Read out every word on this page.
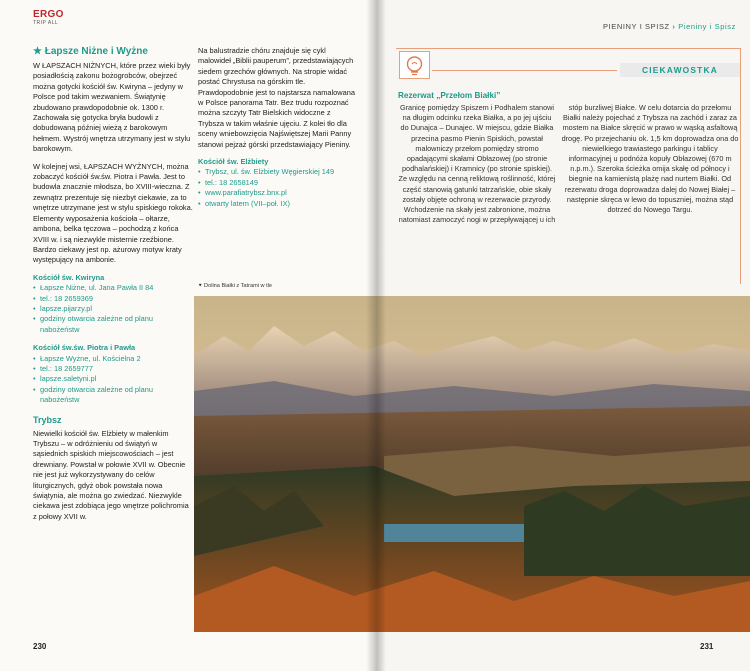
ERGO
TRIP ALL
★ Łapsze Niżne i Wyżne

W ŁAPSZACH NIŻNYCH, które przez wieki były posiadłością zakonu bożogrobców, obejrzeć można gotycki kościół św. Kwiryna – jedyny w Polsce pod takim wezwaniem. Świątynię zbudowano prawdopodobnie ok. 1300 r. Zachowała się gotycka bryła budowli z dobudowaną później wieżą z barokowym hełmem. Wystrój wnętrza utrzymany jest w stylu barokowym.

W kolejnej wsi, ŁAPSZACH WYŻNYCH, można zobaczyć kościół św.św. Piotra i Pawła. Jest to budowla znacznie młodsza, bo XVIII-wieczna. Z zewnątrz prezentuje się niezbyt ciekawie, za to wnętrze utrzymane jest w stylu spiskiego rokoka. Elementy wyposażenia kościoła – ołtarze, ambona, belka tęczowa – pochodzą z końca XVIII w. i są niezwykle misternie rzeźbione. Bardzo ciekawy jest np. ażurowy motyw kraty występujący na ambonie.

Kościół św. Kwiryna
• Łapsze Niżne, ul. Jana Pawła II 84
• tel.: 18 2659369
• lapsze.pijarzy.pl
• godziny otwarcia zależne od planu nabożeństw
Kościół św.św. Piotra i Pawła
• Łapsze Wyżne, ul. Kościelna 2
• tel.: 18 2659777
• lapsze.saletyni.pl
• godziny otwarcia zależne od planu nabożeństw
Trybsz

Niewielki kościół św. Elżbiety w małenkim Trybszu – w odróżnieniu od świątyń w sąsiednich spiskich miejscowościach – jest drewniany. Powstał w połowie XVII w. Obecnie nie jest już wykorzystywany do celów liturgicznych, gdyż obok powstała nowa świątynia, ale można go zwiedzać. Niezwykle ciekawa jest zdobiąca jego wnętrze polichromia z połowy XVII w.

Na balustradzie chóru znajduje się cykl malowideł „Biblii pauperum”, przedstawiających siedem grzechów głównych. Na stropie widać postać Chrystusa na górskim tle. Prawdopodobnie jest to najstarsza namalowana w Polsce panorama Tatr. Bez trudu rozpoznać można szczyty Tatr Bielskich widoczne z Trybsza w takim właśnie ujęciu. Z kolei tło dla sceny wniebowzięcia Najświętszej Marii Panny stanowi pejzaż górski przedstawiający Pieniny.

Kościół św. Elżbiety
• Trybsz, ul. św. Elżbiety Węgierskiej 149
• tel.: 18 2658149
• www.parafiatrybsz.bnx.pl
• otwarty latem (VII–poł. IX)
⯆ Dolina Białki z Tatrami w tle
PIENINY I SPISZ › Pieniny i Spisz
CIEKAWOSTKA
Rezerwat „Przełom Białki”
Granicę pomiędzy Spiszem i Podhalem stanowi na długim odcinku rzeka Białka, a po jej ujściu do Dunajca – Dunajec. W miejscu, gdzie Białka przecina pasmo Pienin Spiskich, powstał malowniczy przełom pomiędzy stromo opadającymi skałami Obłazowej (po stronie podhalańskiej) i Kramnicy (po stronie spiskiej). Ze względu na cenną reliktową roślinność, której część stanowią gatunki tatrzańskie, obie skały zostały objęte ochroną w rezerwacie przyrody. Wchodzenie na skały jest zabronione, można natomiast zamoczyć nogi w przepływającej u ich
stóp burzliwej Białce. W celu dotarcia do przełomu Białki należy pojechać z Trybsza na zachód i zaraz za mostem na Białce skręcić w prawo w wąską asfaltową drogę. Po przejechaniu ok. 1,5 km doprowadza ona do niewielkiego trawiastego parkingu i tablicy informacyjnej u podnóża kopuły Obłazowej (670 m n.p.m.). Szeroka ścieżka omija skałę od północy i biegnie na kamienistą plażę nad nurtem Białki. Od rezerwatu droga doprowadza dalej do Nowej Białej – następnie skręca w lewo do topuszniej, można stąd dotrzeć do Nowego Targu.
230	231
